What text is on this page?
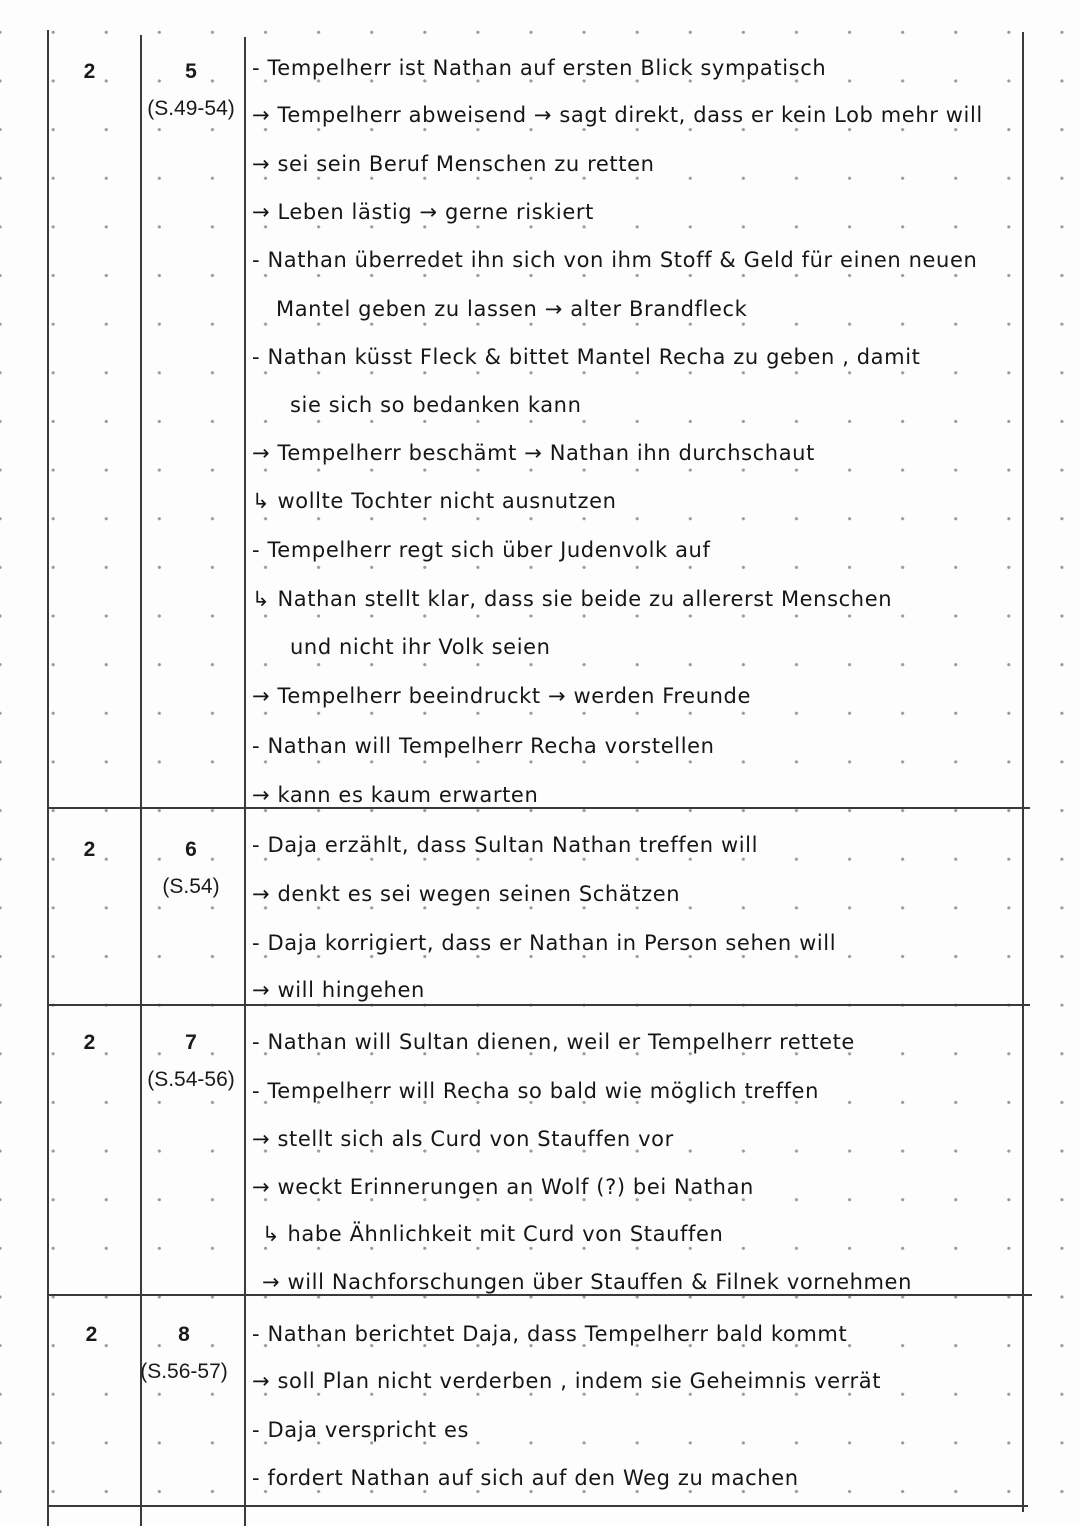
2	5
(S.49-54)
- Tempelherr ist Nathan auf ersten Blick sympatisch
→ Tempelherr abweisend → sagt direkt, dass er kein Lob mehr will
→ sei sein Beruf Menschen zu retten
→ Leben lästig → gerne riskiert
- Nathan überredet ihn sich von ihm Stoff & Geld für einen neuen
Mantel geben zu lassen → alter Brandfleck
- Nathan küsst Fleck & bittet Mantel Recha zu geben , damit
sie sich so bedanken kann
→ Tempelherr beschämt → Nathan ihn durchschaut
↳ wollte Tochter nicht ausnutzen
- Tempelherr regt sich über Judenvolk auf
↳ Nathan stellt klar, dass sie beide zu allererst Menschen
und nicht ihr Volk seien
→ Tempelherr beeindruckt → werden Freunde
- Nathan will Tempelherr Recha vorstellen
→ kann es kaum erwarten
2	6
(S.54)
- Daja erzählt, dass Sultan Nathan treffen will
→ denkt es sei wegen seinen Schätzen
- Daja korrigiert, dass er Nathan in Person sehen will
→ will hingehen
2	7
(S.54-56)
- Nathan will Sultan dienen, weil er Tempelherr rettete
- Tempelherr will Recha so bald wie möglich treffen
→ stellt sich als Curd von Stauffen vor
→ weckt Erinnerungen an Wolf (?) bei Nathan
↳ habe Ähnlichkeit mit Curd von Stauffen
→ will Nachforschungen über Stauffen & Filnek vornehmen
2	8
(S.56-57)
- Nathan berichtet Daja, dass Tempelherr bald kommt
→ soll Plan nicht verderben , indem sie Geheimnis verrät
- Daja verspricht es
- fordert Nathan auf sich auf den Weg zu machen
